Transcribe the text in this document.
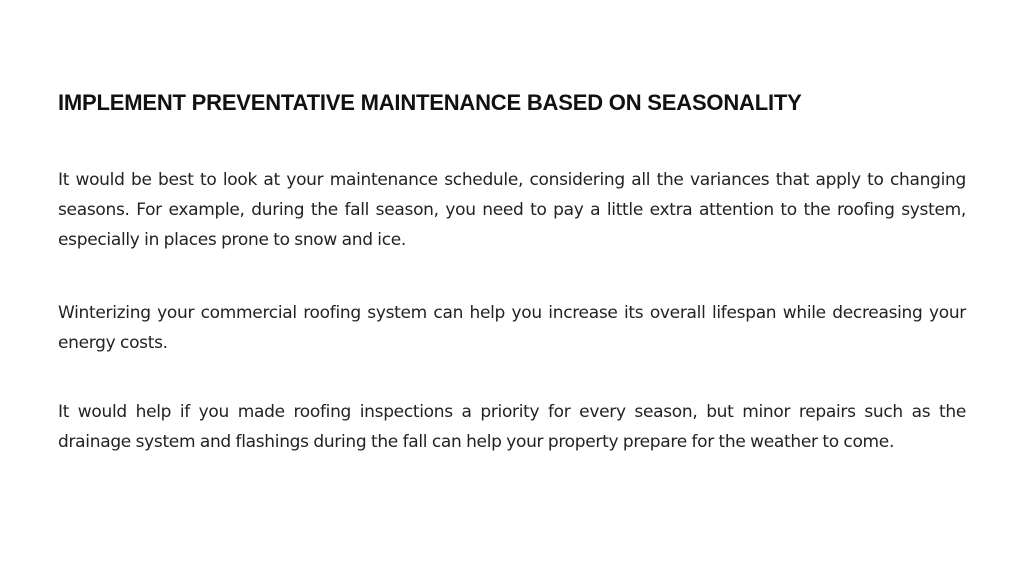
IMPLEMENT PREVENTATIVE MAINTENANCE BASED ON SEASONALITY

It would be best to look at your maintenance schedule, considering all the variances that apply to changing seasons. For example, during the fall season, you need to pay a little extra attention to the roofing system, especially in places prone to snow and ice.

Winterizing your commercial roofing system can help you increase its overall lifespan while decreasing your energy costs.

It would help if you made roofing inspections a priority for every season, but minor repairs such as the drainage system and flashings during the fall can help your property prepare for the weather to come.
